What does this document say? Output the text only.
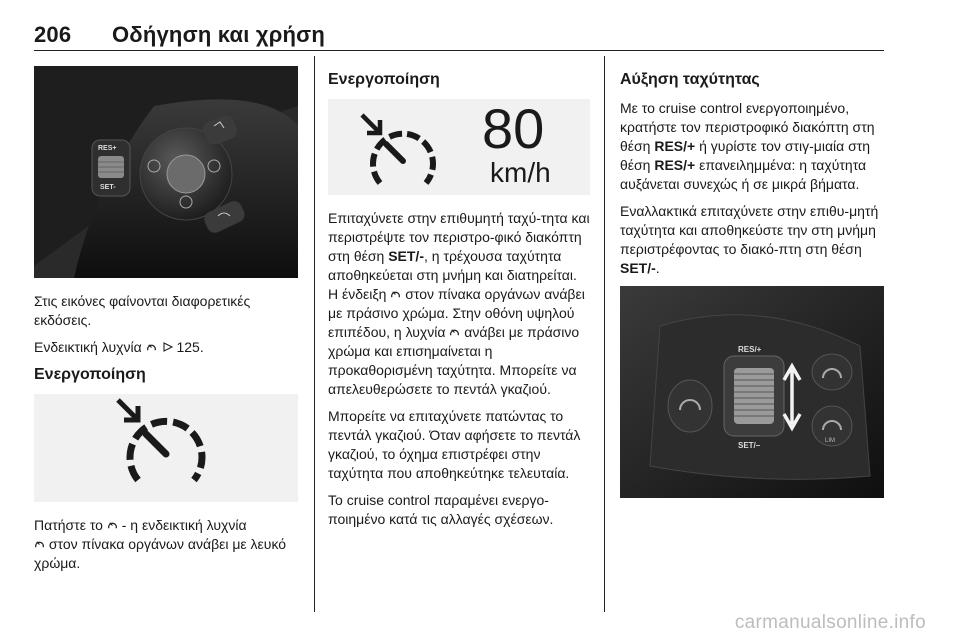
206 Οδήγηση και χρήση
RES+
SET-

Στις εικόνες φαίνονται διαφορετικές εκδόσεις.

Ενδεικτική λυχνία 125.

Ενεργοποίηση

Πατήστε το - η ενδεικτική λυχνία

στον πίνακα οργάνων ανάβει με λευκό χρώμα.

Ενεργοποίηση
80
km/h

Επιταχύνετε στην επιθυμητή ταχύ-τητα και περιστρέψτε τον περιστρο-φικό διακόπτη στη θέση SET/-, η τρέχουσα ταχύτητα αποθηκεύεται στη μνήμη και διατηρείται. Η ένδειξη στον πίνακα οργάνων ανάβει με πράσινο χρώμα. Στην οθόνη υψηλού επιπέδου, η λυχνία ανάβει με πράσινο χρώμα και επισημαίνεται η προκαθορισμένη ταχύτητα. Μπορείτε να απελευθερώσετε το πεντάλ γκαζιού.

Μπορείτε να επιταχύνετε πατώντας το πεντάλ γκαζιού. Όταν αφήσετε το πεντάλ γκαζιού, το όχημα επιστρέφει στην ταχύτητα που αποθηκεύτηκε τελευταία.

Το cruise control παραμένει ενεργο-ποιημένο κατά τις αλλαγές σχέσεων.

Αύξηση ταχύτητας

Με το cruise control ενεργοποιημένο, κρατήστε τον περιστροφικό διακόπτη στη θέση RES/+ ή γυρίστε τον στιγ-μιαία στη θέση RES/+ επανειλημμένα: η ταχύτητα αυξάνεται συνεχώς ή σε μικρά βήματα.

Εναλλακτικά επιταχύνετε στην επιθυ-μητή ταχύτητα και αποθηκεύστε την στη μνήμη περιστρέφοντας το διακό-πτη στη θέση SET/-.

RES/+
SET/–	LIM
carmanualsonline.info
